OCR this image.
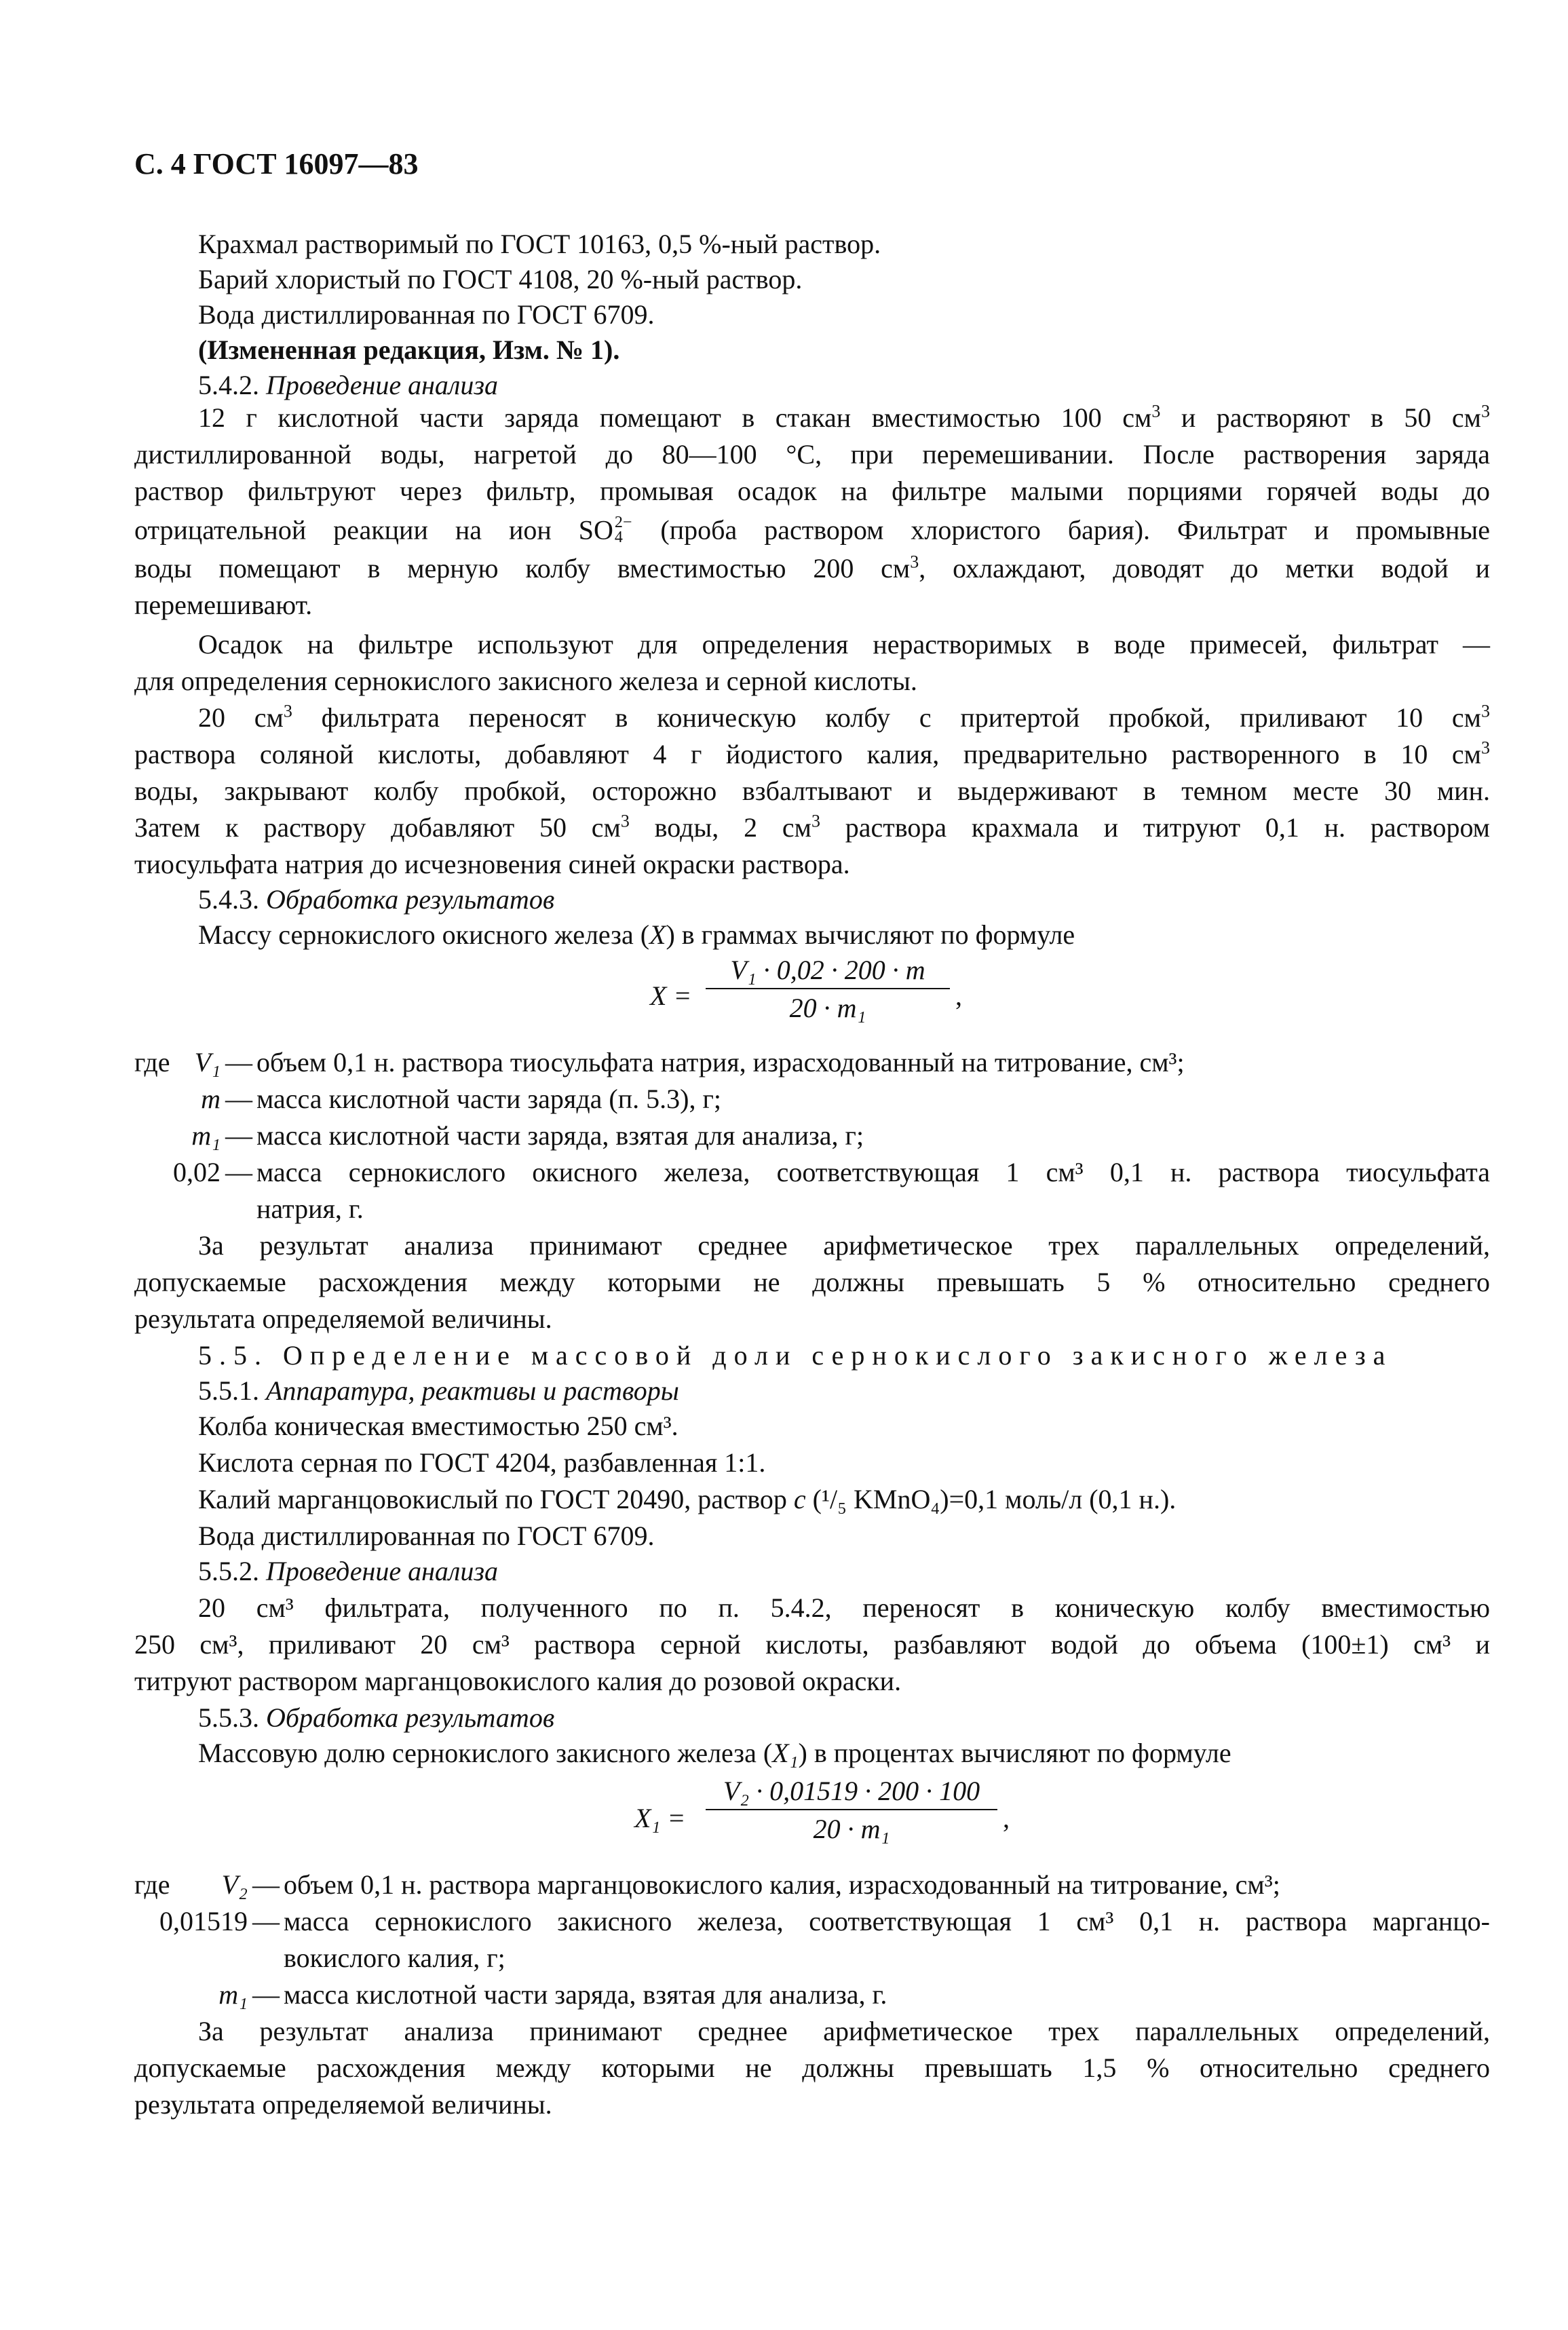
С. 4 ГОСТ 16097—83
Крахмал растворимый по ГОСТ 10163, 0,5 %-ный раствор.
Барий хлористый по ГОСТ 4108, 20 %-ный раствор.
Вода дистиллированная по ГОСТ 6709.
(Измененная редакция, Изм. № 1).
5.4.2. Проведение анализа
12 г кислотной части заряда помещают в стакан вместимостью 100 $см^3$ и растворяют в 50 $см^3$
дистиллированной воды, нагретой до 80—100 °С, при перемешивании. После растворения заряда
раствор фильтруют через фильтр, промывая осадок на фильтре малыми порциями горячей воды до
отрицательной реакции на ион SO2−
4 (проба раствором хлористого бария). Фильтрат и промывные
воды помещают в мерную колбу вместимостью 200 $см^3$, охлаждают, доводят до метки водой и
перемешивают.
Осадок на фильтре используют для определения нерастворимых в воде примесей, фильтрат —
для определения сернокислого закисного железа и серной кислоты.
20 $см^3$ фильтрата переносят в коническую колбу с притертой пробкой, приливают 10 $см^3$
раствора соляной кислоты, добавляют 4 г йодистого калия, предварительно растворенного в 10 $см^3$
воды, закрывают колбу пробкой, осторожно взбалтывают и выдерживают в темном месте 30 мин.
Затем к раствору добавляют 50 $см^3$ воды, 2 $см^3$ раствора крахмала и титруют 0,1 н. раствором
тиосульфата натрия до исчезновения синей окраски раствора.
5.4.3. Обработка результатов
Массу сернокислого окисного железа (X) в граммах вычисляют по формуле
X =
V₁ · 0,02 · 200 · m
20 · m₁	,
где V₁ — объем 0,1 н. раствора тиосульфата натрия, израсходованный на титрование, см³;
m — масса кислотной части заряда (п. 5.3), г;
m₁ — масса кислотной части заряда, взятая для анализа, г;
0,02 — масса сернокислого окисного железа, соответствующая 1 см³ 0,1 н. раствора тиосульфата
натрия, г.
За результат анализа принимают среднее арифметическое трех параллельных определений,
допускаемые расхождения между которыми не должны превышать 5 % относительно среднего
результата определяемой величины.
5.5. Определение массовой доли сернокислого закисного железа
5.5.1. Аппаратура, реактивы и растворы
Колба коническая вместимостью 250 см³.
Кислота серная по ГОСТ 4204, разбавленная 1:1.
Калий марганцовокислый по ГОСТ 20490, раствор c (¹/₅ KMnO₄)=0,1 моль/л (0,1 н.).
Вода дистиллированная по ГОСТ 6709.
5.5.2. Проведение анализа
20 см³ фильтрата, полученного по п. 5.4.2, переносят в коническую колбу вместимостью
250 см³, приливают 20 см³ раствора серной кислоты, разбавляют водой до объема (100±1) см³ и
титруют раствором марганцовокислого калия до розовой окраски.
5.5.3. Обработка результатов
Массовую долю сернокислого закисного железа (X₁) в процентах вычисляют по формуле
X₁ =
V₂ · 0,01519 · 200 · 100
20 · m₁	,
где	V₂ — объем 0,1 н. раствора марганцовокислого калия, израсходованный на титрование, см³;
0,01519 — масса сернокислого закисного железа, соответствующая 1 см³ 0,1 н. раствора марганцо-
вокислого калия, г;
m₁ — масса кислотной части заряда, взятая для анализа, г.
За результат анализа принимают среднее арифметическое трех параллельных определений,
допускаемые расхождения между которыми не должны превышать 1,5 % относительно среднего
результата определяемой величины.
